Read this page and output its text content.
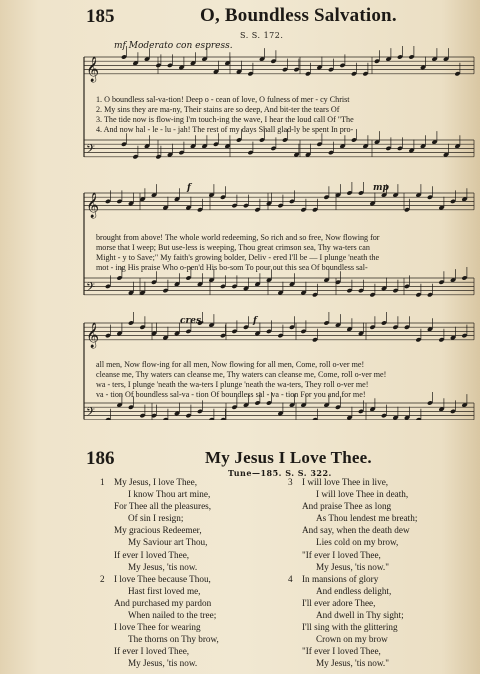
185	O, Boundless Salvation.
S. S. 172.
mf Moderato con espress.
𝄞
𝄢
𝄞
𝄢
𝄞
𝄢
1. O boundless sal-va-tion! Deep o - cean of love, O fulness of mer - cy Christ
2. My sins they are ma-ny, Their stains are so deep, And bit-ter the tears Of
3. The tide now is flow-ing I'm touch-ing the wave, I hear the loud call Of "The
4. And now hal - le - lu - jah! The rest of my days Shall glad-ly be spent In pro-
f	mp
brought from above! The whole world redeeming, So rich and so free, Now flowing for
morse that I weep; But use-less is weeping, Thou great crimson sea, Thy wa-ters can
Might - y to Save;" My faith's growing bolder, Deliv - ered I'll be — I plunge 'neath the
mot - ing His praise Who o-pen'd His bo-som To pour out this sea Of boundless sal-
cres.	f
all men, Now flow-ing for all men, Now flowing for all men, Come, roll o-ver me!
cleanse me, Thy waters can cleanse me, Thy waters can cleanse me, Come, roll o-ver me!
wa - ters, I plunge 'neath the wa-ters I plunge 'neath the wa-ters, They roll o-ver me!
va - tion Of boundless sal-va - tion Of boundless sal - va - tion For you and for me!
186	My Jesus I Love Thee.
Tune—185. S. S. 322.
1 My Jesus, I love Thee,
I know Thou art mine,
For Thee all the pleasures,
Of sin I resign;
My gracious Redeemer,
My Saviour art Thou,
If ever I loved Thee,
My Jesus, 'tis now.
2 I love Thee because Thou,
Hast first loved me,
And purchased my pardon
When nailed to the tree;
I love Thee for wearing
The thorns on Thy brow,
If ever I loved Thee,
My Jesus, 'tis now.
3 I will love Thee in live,
I will love Thee in death,
And praise Thee as long
As Thou lendest me breath;
And say, when the death dew
Lies cold on my brow,
"If ever I loved Thee,
My Jesus, 'tis now."
4 In mansions of glory
And endless delight,
I'll ever adore Thee,
And dwell in Thy sight;
I'll sing with the glittering
Crown on my brow
"If ever I loved Thee,
My Jesus, 'tis now."
